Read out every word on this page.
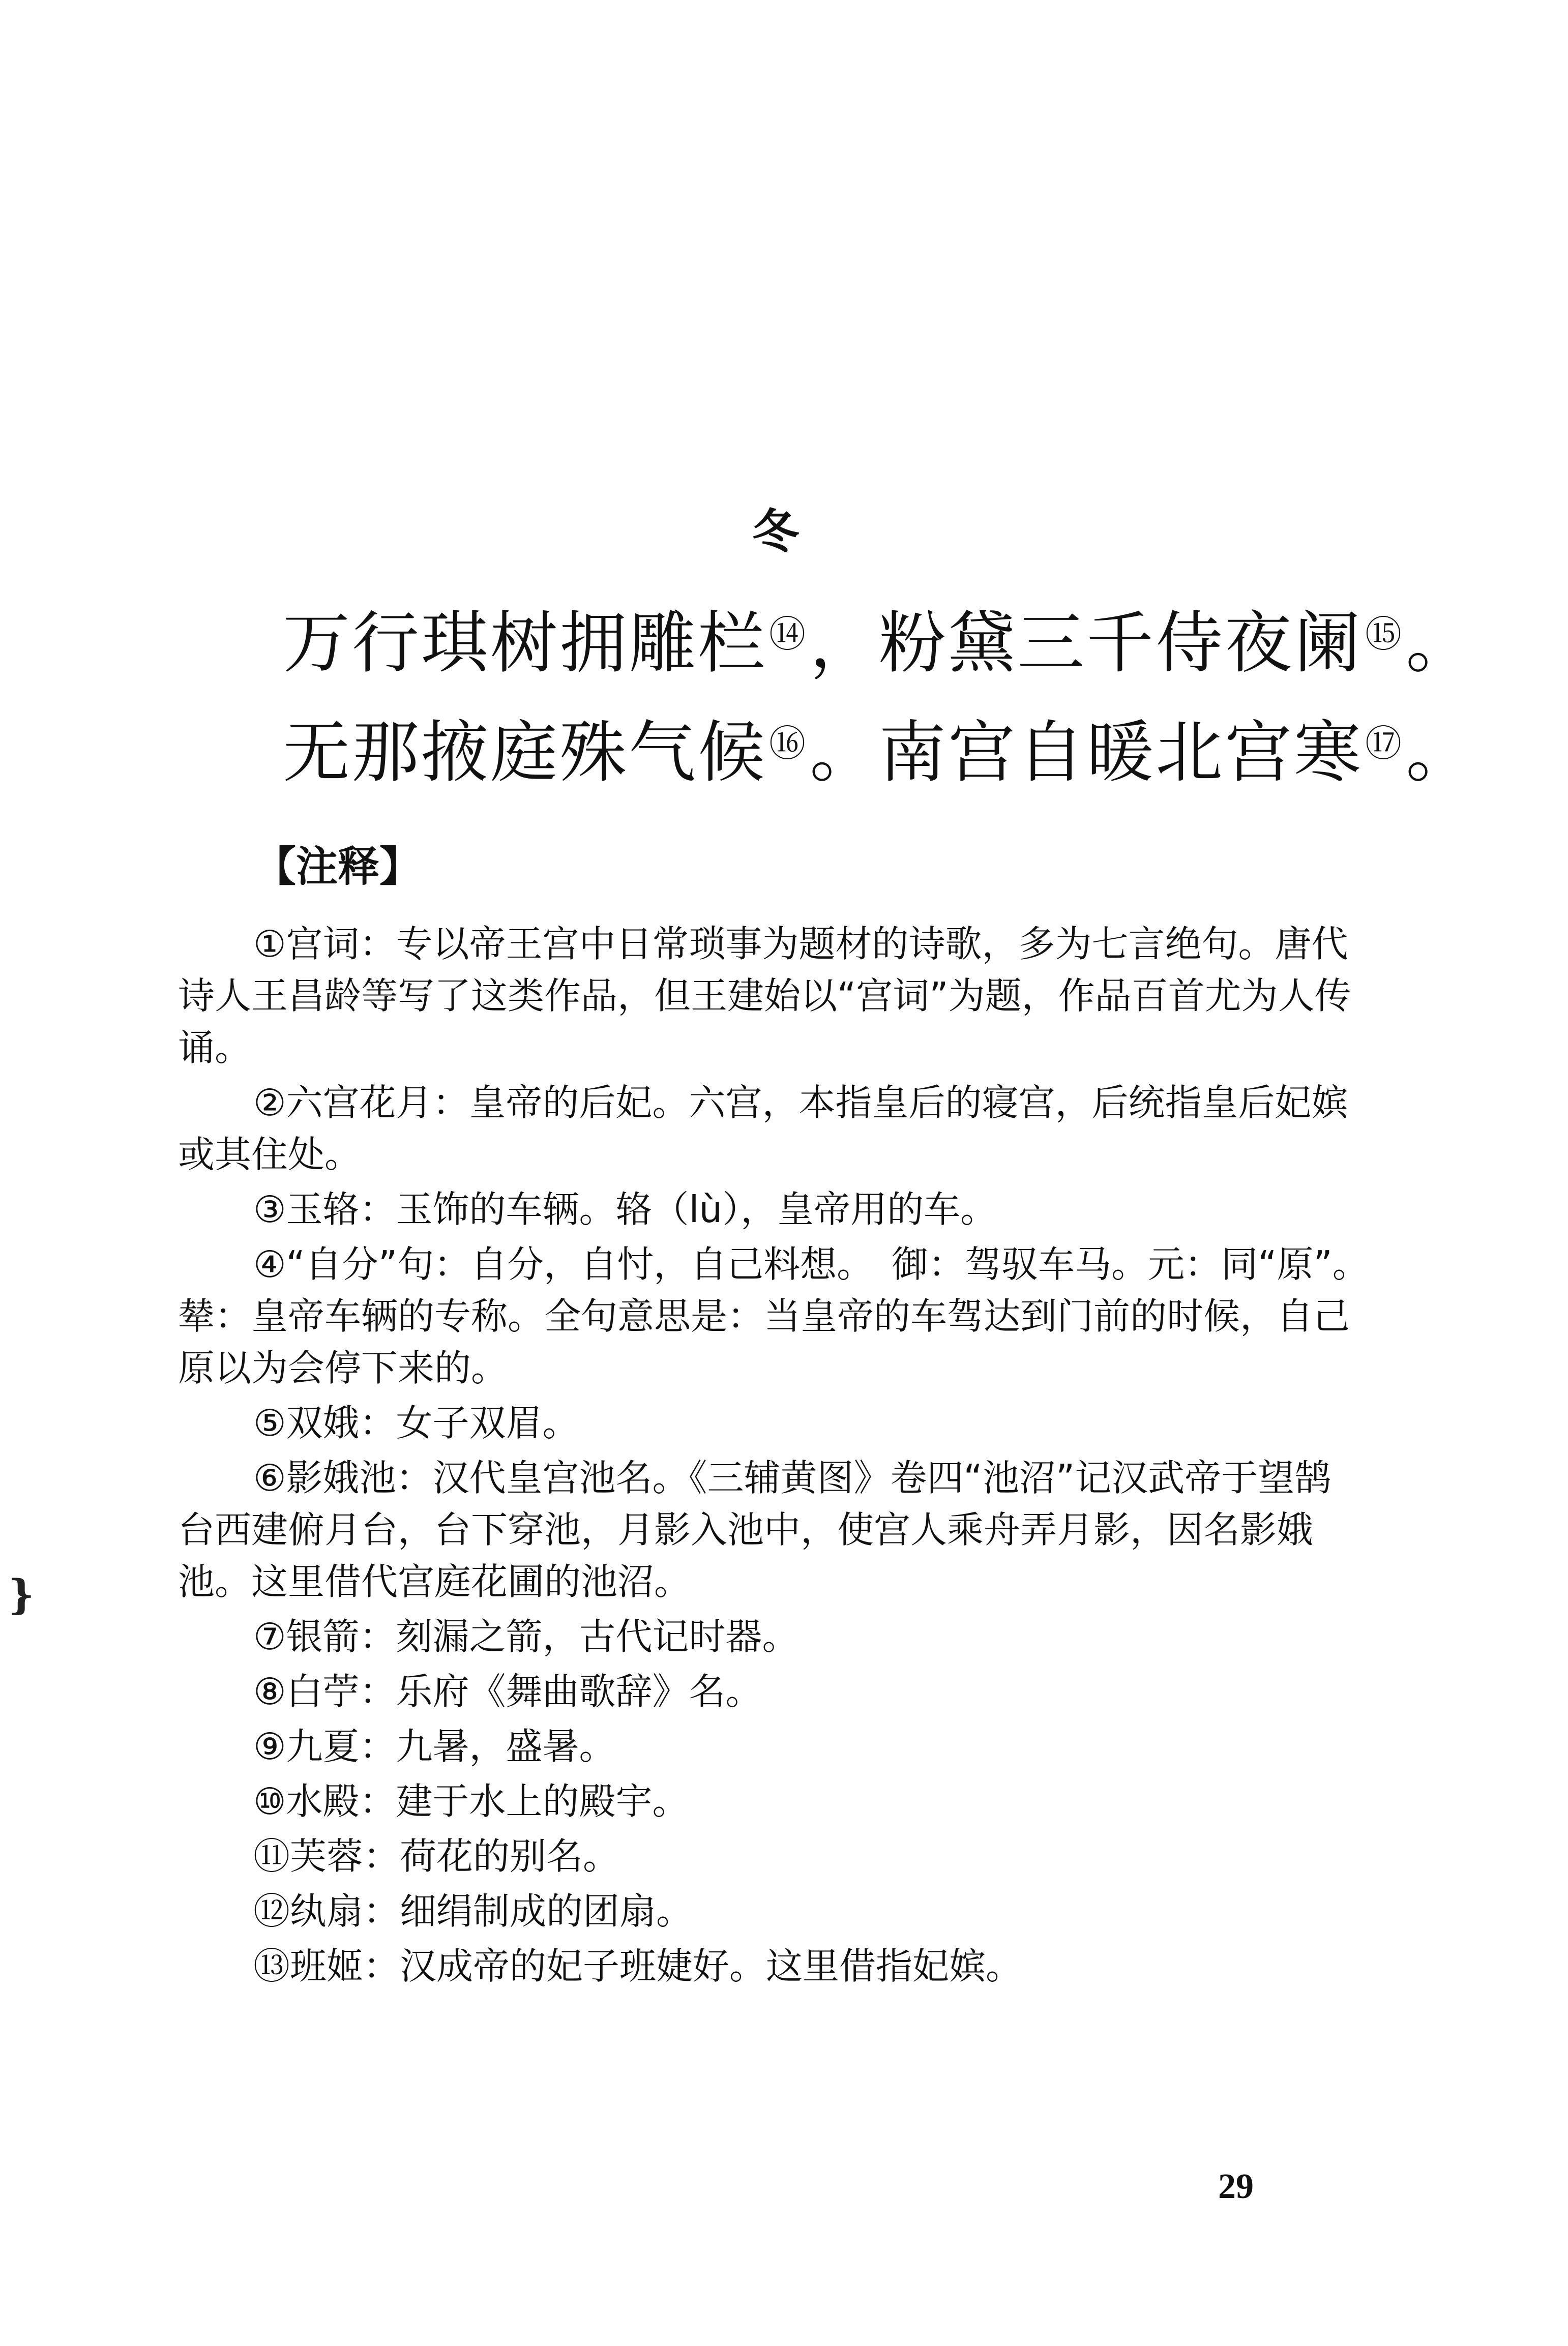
}
冬
万行琪树拥雕栏⑭，粉黛三千侍夜阑⑮。
无那掖庭殊气候⑯。南宫自暖北宫寒⑰。
【注释】

①宫词：专以帝王宫中日常琐事为题材的诗歌，多为七言绝句。唐代诗人王昌龄等写了这类作品，但王建始以“宫词”为题，作品百首尤为人传诵。

②六宫花月：皇帝的后妃。六宫，本指皇后的寝宫，后统指皇后妃嫔或其住处。

③玉辂：玉饰的车辆。辂（lù），皇帝用的车。

④“自分”句：自分，自忖，自己料想。　御：驾驭车马。元：同“原”。　辇：皇帝车辆的专称。全句意思是：当皇帝的车驾达到门前的时候，自己原以为会停下来的。

⑤双娥：女子双眉。

⑥影娥池：汉代皇宫池名。《三辅黄图》卷四“池沼”记汉武帝于望鹄台西建俯月台，台下穿池，月影入池中，使宫人乘舟弄月影，因名影娥池。这里借代宫庭花圃的池沼。

⑦银箭：刻漏之箭，古代记时器。

⑧白苧：乐府《舞曲歌辞》名。

⑨九夏：九暑，盛暑。

⑩水殿：建于水上的殿宇。

⑪芙蓉：荷花的别名。

⑫纨扇：细绢制成的团扇。

⑬班姬：汉成帝的妃子班婕好。这里借指妃嫔。

29
